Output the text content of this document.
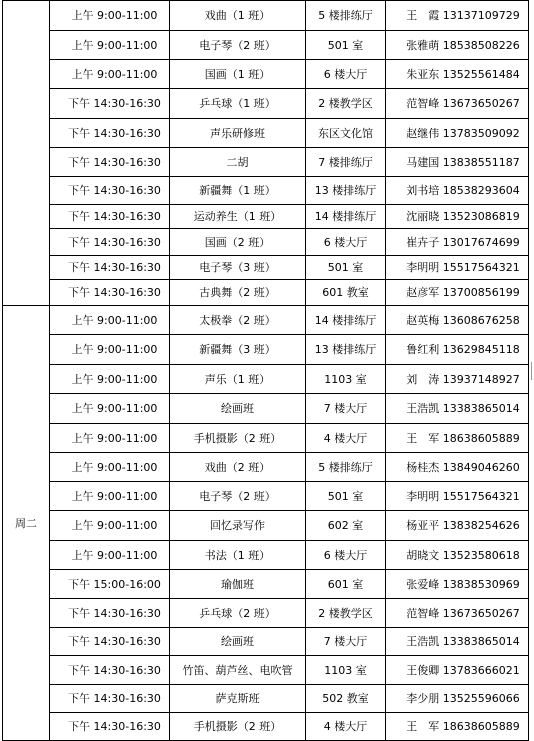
	上午 9:00-11:00	戏曲（1 班）	5 楼排练厅	王　霞 13137109729
	上午 9:00-11:00	电子琴（2 班）	501 室	张雅萌 18538508226
	上午 9:00-11:00	国画（1 班）	6 楼大厅	朱亚东 13525561484
	下午 14:30-16:30	乒乓球（1 班）	2 楼教学区	范智峰 13673650267
	下午 14:30-16:30	声乐研修班	东区文化馆	赵继伟 13783509092
	下午 14:30-16:30	二胡	7 楼排练厅	马建国 13838551187
	下午 14:30-16:30	新疆舞（1 班）	13 楼排练厅	刘书培 18538293604
	下午 14:30-16:30	运动养生（1 班）	14 楼排练厅	沈丽晓 13523086819
	下午 14:30-16:30	国画（2 班）	6 楼大厅	崔卉子 13017674699
	下午 14:30-16:30	电子琴（3 班）	501 室	李明明 15517564321
	下午 14:30-16:30	古典舞（2 班）	601 教室	赵彦军 13700856199
周二	上午 9:00-11:00	太极拳（2 班）	14 楼排练厅	赵英梅 13608676258
	上午 9:00-11:00	新疆舞（3 班）	13 楼排练厅	鲁红利 13629845118
	上午 9:00-11:00	声乐（1 班）	1103 室	刘　涛 13937148927
	上午 9:00-11:00	绘画班	7 楼大厅	王浩凯 13383865014
	上午 9:00-11:00	手机摄影（2 班）	4 楼大厅	王　军 18638605889
	上午 9:00-11:00	戏曲（2 班）	5 楼排练厅	杨桂杰 13849046260
	上午 9:00-11:00	电子琴（2 班）	501 室	李明明 15517564321
	上午 9:00-11:00	回忆录写作	602 室	杨亚平 13838254626
	上午 9:00-11:00	书法（1 班）	6 楼大厅	胡晓文 13523580618
	下午 15:00-16:00	瑜伽班	601 室	张爱峰 13838530969
	下午 14:30-16:30	乒乓球（2 班）	2 楼教学区	范智峰 13673650267
	下午 14:30-16:30	绘画班	7 楼大厅	王浩凯 13383865014
	下午 14:30-16:30	竹笛、葫芦丝、电吹管	1103 室	王俊卿 13783666021
	下午 14:30-16:30	萨克斯班	502 教室	李少朋 13525596066
	下午 14:30-16:30	手机摄影（2 班）	4 楼大厅	王　军 18638605889
